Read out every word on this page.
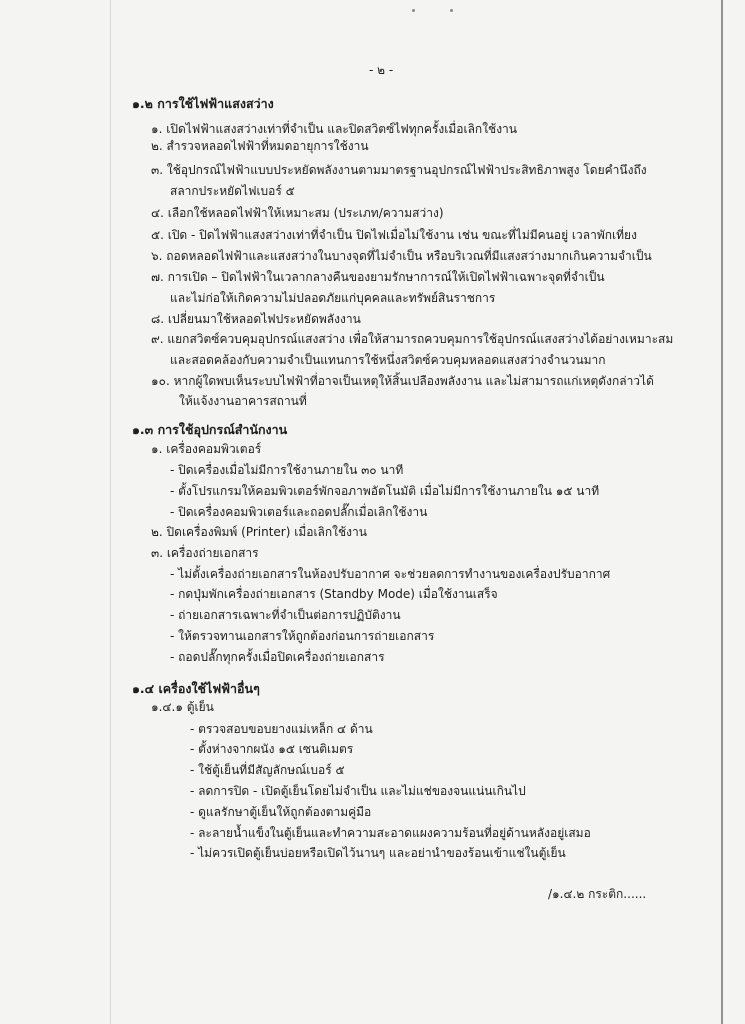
- ๒ -
๑.๒ การใช้ไฟฟ้าแสงสว่าง
๑. เปิดไฟฟ้าแสงสว่างเท่าที่จำเป็น และปิดสวิตซ์ไฟทุกครั้งเมื่อเลิกใช้งาน
๒. สำรวจหลอดไฟฟ้าที่หมดอายุการใช้งาน
๓. ใช้อุปกรณ์ไฟฟ้าแบบประหยัดพลังงานตามมาตรฐานอุปกรณ์ไฟฟ้าประสิทธิภาพสูง โดยคำนึงถึง
สลากประหยัดไฟเบอร์ ๕
๔. เลือกใช้หลอดไฟฟ้าให้เหมาะสม (ประเภท/ความสว่าง)
๕. เปิด - ปิดไฟฟ้าแสงสว่างเท่าที่จำเป็น ปิดไฟเมื่อไม่ใช้งาน เช่น ขณะที่ไม่มีคนอยู่ เวลาพักเที่ยง
๖. ถอดหลอดไฟฟ้าและแสงสว่างในบางจุดที่ไม่จำเป็น หรือบริเวณที่มีแสงสว่างมากเกินความจำเป็น
๗. การเปิด – ปิดไฟฟ้าในเวลากลางคืนของยามรักษาการณ์ให้เปิดไฟฟ้าเฉพาะจุดที่จำเป็น
และไม่ก่อให้เกิดความไม่ปลอดภัยแก่บุคคลและทรัพย์สินราชการ
๘. เปลี่ยนมาใช้หลอดไฟประหยัดพลังงาน
๙. แยกสวิตซ์ควบคุมอุปกรณ์แสงสว่าง เพื่อให้สามารถควบคุมการใช้อุปกรณ์แสงสว่างได้อย่างเหมาะสม
และสอดคล้องกับความจำเป็นแทนการใช้หนึ่งสวิตซ์ควบคุมหลอดแสงสว่างจำนวนมาก
๑๐. หากผู้ใดพบเห็นระบบไฟฟ้าที่อาจเป็นเหตุให้สิ้นเปลืองพลังงาน และไม่สามารถแก่เหตุดังกล่าวได้
ให้แจ้งงานอาคารสถานที่
๑.๓ การใช้อุปกรณ์สำนักงาน
๑. เครื่องคอมพิวเตอร์
- ปิดเครื่องเมื่อไม่มีการใช้งานภายใน ๓๐ นาที
- ตั้งโปรแกรมให้คอมพิวเตอร์พักจอภาพอัตโนมัติ เมื่อไม่มีการใช้งานภายใน ๑๕ นาที
- ปิดเครื่องคอมพิวเตอร์และถอดปลั๊กเมื่อเลิกใช้งาน
๒. ปิดเครื่องพิมพ์ (Printer) เมื่อเลิกใช้งาน
๓. เครื่องถ่ายเอกสาร
- ไม่ตั้งเครื่องถ่ายเอกสารในห้องปรับอากาศ จะช่วยลดการทำงานของเครื่องปรับอากาศ
- กดปุ่มพักเครื่องถ่ายเอกสาร (Standby Mode) เมื่อใช้งานเสร็จ
- ถ่ายเอกสารเฉพาะที่จำเป็นต่อการปฏิบัติงาน
- ให้ตรวจทานเอกสารให้ถูกต้องก่อนการถ่ายเอกสาร
- ถอดปลั๊กทุกครั้งเมื่อปิดเครื่องถ่ายเอกสาร
๑.๔ เครื่องใช้ไฟฟ้าอื่นๆ
๑.๔.๑ ตู้เย็น
- ตรวจสอบขอบยางแม่เหล็ก ๔ ด้าน
- ตั้งห่างจากผนัง ๑๕ เซนติเมตร
- ใช้ตู้เย็นที่มีสัญลักษณ์เบอร์ ๕
- ลดการปิด - เปิดตู้เย็นโดยไม่จำเป็น และไม่แช่ของจนแน่นเกินไป
- ดูแลรักษาตู้เย็นให้ถูกต้องตามคู่มือ
- ละลายน้ำแข็งในตู้เย็นและทำความสะอาดแผงความร้อนที่อยู่ด้านหลังอยู่เสมอ
- ไม่ควรเปิดตู้เย็นบ่อยหรือเปิดไว้นานๆ และอย่านำของร้อนเข้าแช่ในตู้เย็น
/๑.๔.๒ กระติก......
